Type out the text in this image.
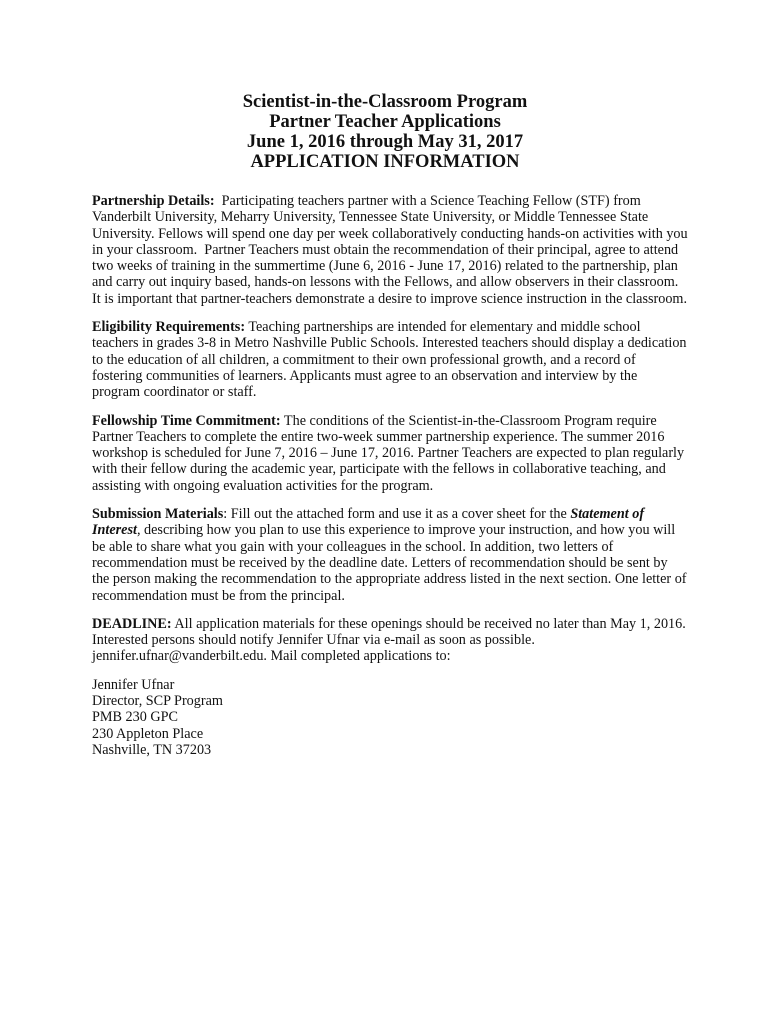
Scientist-in-the-Classroom Program
Partner Teacher Applications
June 1, 2016 through May 31, 2017
APPLICATION INFORMATION

Partnership Details:  Participating teachers partner with a Science Teaching Fellow (STF) from Vanderbilt University, Meharry University, Tennessee State University, or Middle Tennessee State University. Fellows will spend one day per week collaboratively conducting hands-on activities with you in your classroom.  Partner Teachers must obtain the recommendation of their principal, agree to attend two weeks of training in the summertime (June 6, 2016 - June 17, 2016) related to the partnership, plan and carry out inquiry based, hands-on lessons with the Fellows, and allow observers in their classroom. It is important that partner-teachers demonstrate a desire to improve science instruction in the classroom.

Eligibility Requirements: Teaching partnerships are intended for elementary and middle school teachers in grades 3-8 in Metro Nashville Public Schools. Interested teachers should display a dedication to the education of all children, a commitment to their own professional growth, and a record of fostering communities of learners. Applicants must agree to an observation and interview by the program coordinator or staff.

Fellowship Time Commitment: The conditions of the Scientist-in-the-Classroom Program require Partner Teachers to complete the entire two-week summer partnership experience. The summer 2016 workshop is scheduled for June 7, 2016 – June 17, 2016. Partner Teachers are expected to plan regularly with their fellow during the academic year, participate with the fellows in collaborative teaching, and assisting with ongoing evaluation activities for the program.

Submission Materials: Fill out the attached form and use it as a cover sheet for the Statement of Interest, describing how you plan to use this experience to improve your instruction, and how you will be able to share what you gain with your colleagues in the school. In addition, two letters of recommendation must be received by the deadline date. Letters of recommendation should be sent by the person making the recommendation to the appropriate address listed in the next section. One letter of recommendation must be from the principal.

DEADLINE: All application materials for these openings should be received no later than May 1, 2016. Interested persons should notify Jennifer Ufnar via e-mail as soon as possible. jennifer.ufnar@vanderbilt.edu. Mail completed applications to:

Jennifer Ufnar
Director, SCP Program
PMB 230 GPC
230 Appleton Place
Nashville, TN 37203
